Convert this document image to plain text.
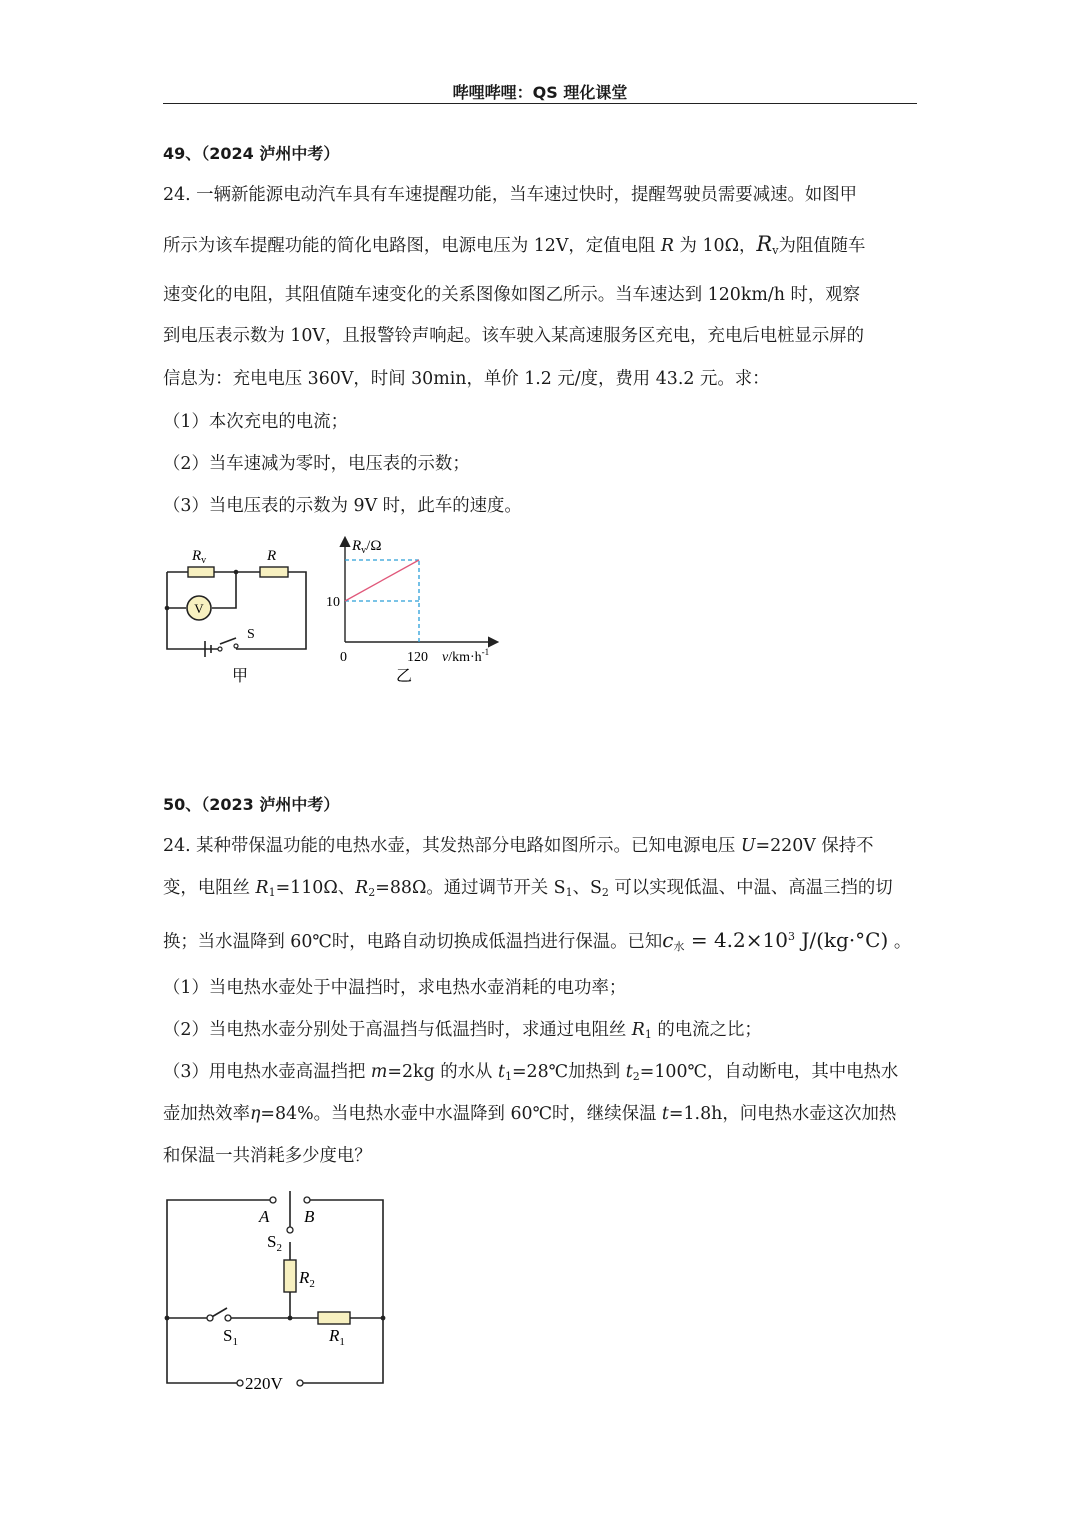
哔哩哔哩：QS 理化课堂
49、（2024 泸州中考）
24. 一辆新能源电动汽车具有车速提醒功能，当车速过快时，提醒驾驶员需要减速。如图甲
所示为该车提醒功能的简化电路图，电源电压为 12V，定值电阻 R 为 10Ω，$R_v$为阻值随车
速变化的电阻，其阻值随车速变化的关系图像如图乙所示。当车速达到 120km/h 时，观察
到电压表示数为 10V，且报警铃声响起。该车驶入某高速服务区充电，充电后电桩显示屏的
信息为：充电电压 360V，时间 30min，单价 1.2 元/度，费用 43.2 元。求：
（1）本次充电的电流；
（2）当车速减为零时，电压表的示数；
（3）当电压表的示数为 9V 时，此车的速度。
$R_v$	R
V
S
甲
$R_v/\Omega$
10
0	120 $v/km\cdot h^{-1}$
乙
50、（2023 泸州中考）
24. 某种带保温功能的电热水壶，其发热部分电路如图所示。已知电源电压 U=220V 保持不
变，电阻丝 $R_1=110\Omega$、$R_2=88\Omega$。通过调节开关 $S_1$、$S_2$ 可以实现低温、中温、高温三挡的切
换；当水温降到 60℃时，电路自动切换成低温挡进行保温。已知$c_水 = 4.2\times 10^3$ J/(kg·°C) 。
（1）当电热水壶处于中温挡时，求电热水壶消耗的电功率；
（2）当电热水壶分别处于高温挡与低温挡时，求通过电阻丝 $R_1$ 的电流之比；
（3）用电热水壶高温挡把 m=2kg 的水从 $t_1=28℃$加热到 $t_2=100℃$，自动断电，其中电热水
壶加热效率η=84%。当电热水壶中水温降到 60℃时，继续保温 t=1.8h，问电热水壶这次加热
和保温一共消耗多少度电？
A B
$S_2$
$R_2$
$S_1$	$R_1$
220V
